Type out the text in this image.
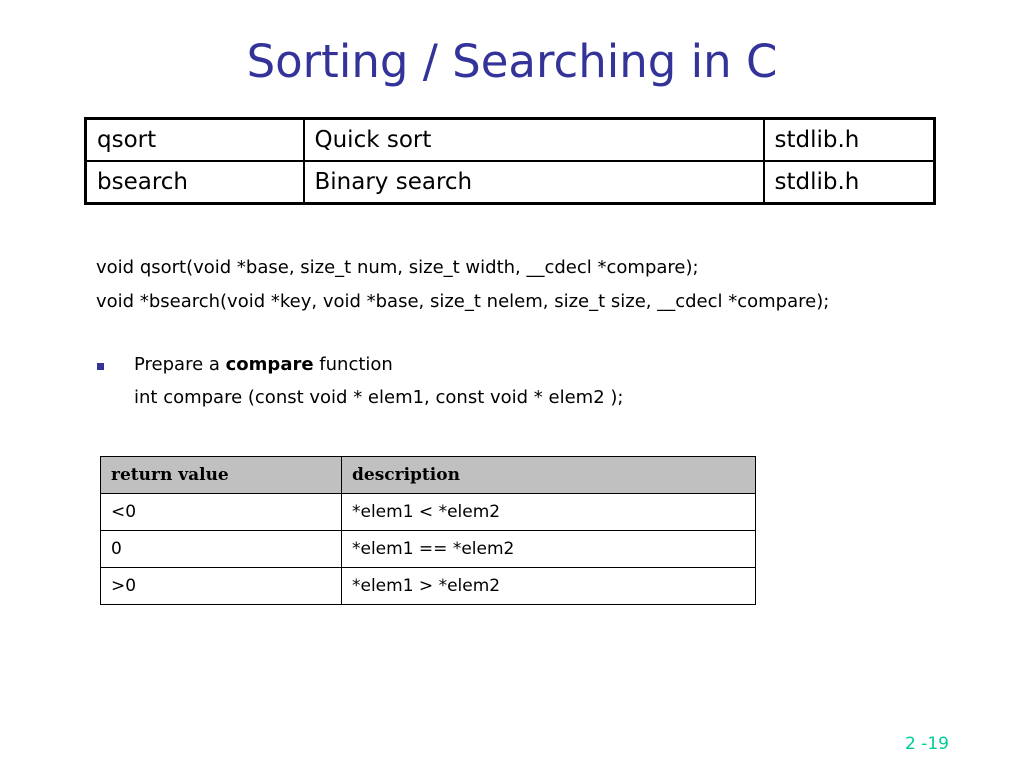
Sorting / Searching in C
qsort	Quick sort	stdlib.h
bsearch	Binary search	stdlib.h
void qsort(void *base, size_t num, size_t width, __cdecl *compare);
void *bsearch(void *key, void *base, size_t nelem, size_t size, __cdecl *compare);
Prepare a compare function
int compare (const void * elem1, const void * elem2 );
return value	description
<0	*elem1 < *elem2
0	*elem1 == *elem2
>0	*elem1 > *elem2
2 -19
